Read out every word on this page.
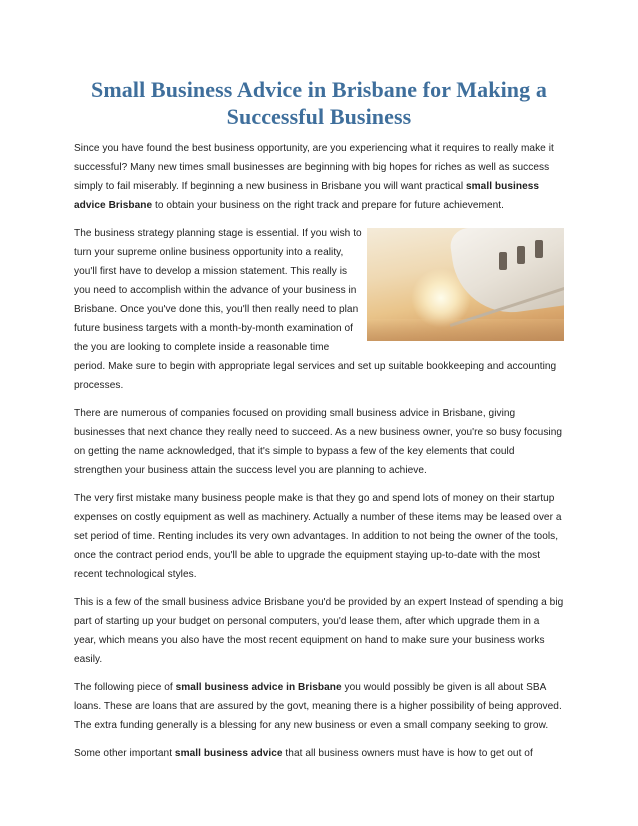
Small Business Advice in Brisbane for Making a
Successful Business

Since you have found the best business opportunity, are you experiencing what it requires to really make it successful? Many new times small businesses are beginning with big hopes for riches as well as success simply to fail miserably. If beginning a new business in Brisbane you will want practical small business advice Brisbane to obtain your business on the right track and prepare for future achievement.

The business strategy planning stage is essential. If you wish to turn your supreme online business opportunity into a reality, you'll first have to develop a mission statement. This really is you need to accomplish within the advance of your business in Brisbane. Once you've done this, you'll then really need to plan future business targets with a month-by-month examination of the you are looking to complete inside a reasonable time period. Make sure to begin with appropriate legal services and set up suitable bookkeeping and accounting processes.

There are numerous of companies focused on providing small business advice in Brisbane, giving businesses that next chance they really need to succeed. As a new business owner, you're so busy focusing on getting the name acknowledged, that it's simple to bypass a few of the key elements that could strengthen your business attain the success level you are planning to achieve.

The very first mistake many business people make is that they go and spend lots of money on their startup expenses on costly equipment as well as machinery. Actually a number of these items may be leased over a set period of time. Renting includes its very own advantages. In addition to not being the owner of the tools, once the contract period ends, you'll be able to upgrade the equipment staying up-to-date with the most recent technological styles.

This is a few of the small business advice Brisbane you'd be provided by an expert Instead of spending a big part of starting up your budget on personal computers, you'd lease them, after which upgrade them in a year, which means you also have the most recent equipment on hand to make sure your business works easily.

The following piece of small business advice in Brisbane you would possibly be given is all about SBA loans. These are loans that are assured by the govt, meaning there is a higher possibility of being approved. The extra funding generally is a blessing for any new business or even a small company seeking to grow.

Some other important small business advice that all business owners must have is how to get out of
